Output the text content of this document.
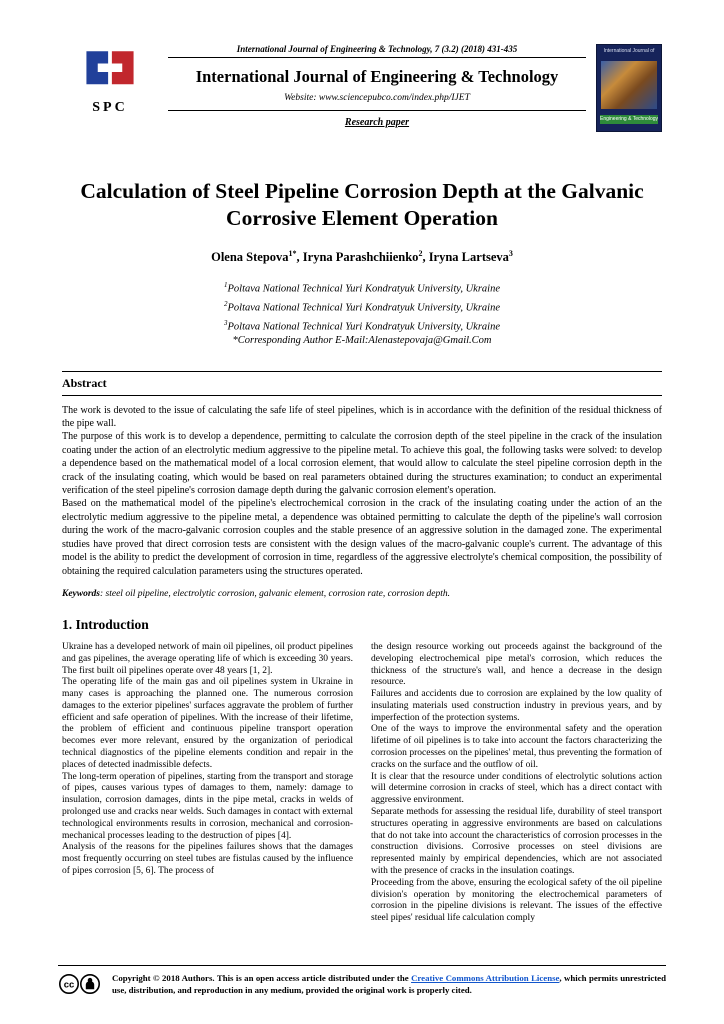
SPC
International Journal of Engineering & Technology, 7 (3.2) (2018) 431-435
International Journal of Engineering & Technology
Website: www.sciencepubco.com/index.php/IJET
Research paper
International Journal of
Engineering & Technology
Calculation of Steel Pipeline Corrosion Depth at the Galvanic Corrosive Element Operation
Olena Stepova$^{1*}$, Iryna Parashchiienko$^2$, Iryna Lartseva$^3$
$^1$Poltava National Technical Yuri Kondratyuk University, Ukraine
$^2$Poltava National Technical Yuri Kondratyuk University, Ukraine
$^3$Poltava National Technical Yuri Kondratyuk University, Ukraine
*Corresponding Author E-Mail:Alenastepovaja@Gmail.Com
Abstract

The work is devoted to the issue of calculating the safe life of steel pipelines, which is in accordance with the definition of the residual thickness of the pipe wall.

The purpose of this work is to develop a dependence, permitting to calculate the corrosion depth of the steel pipeline in the crack of the insulation coating under the action of an electrolytic medium aggressive to the pipeline metal. To achieve this goal, the following tasks were solved: to develop a dependence based on the mathematical model of a local corrosion element, that would allow to calculate the steel pipeline corrosion depth in the crack of the insulating coating, which would be based on real parameters obtained during the structures examination; to conduct an experimental verification of the steel pipeline's corrosion damage depth during the galvanic corrosion element's operation.

Based on the mathematical model of the pipeline's electrochemical corrosion in the crack of the insulating coating under the action of an the electrolytic medium aggressive to the pipeline metal, a dependence was obtained permitting to calculate the depth of the pipeline's wall corrosion during the work of the macro-galvanic corrosion couples and the stable presence of an aggressive solution in the damaged zone. The experimental studies have proved that direct corrosion tests are consistent with the design values of the macro-galvanic couple's current. The advantage of this model is the ability to predict the development of corrosion in time, regardless of the aggressive electrolyte's chemical composition, the possibility of obtaining the required calculation parameters using the structures operated.

Keywords: steel oil pipeline, electrolytic corrosion, galvanic element, corrosion rate, corrosion depth.

1. Introduction

Ukraine has a developed network of main oil pipelines, oil product pipelines and gas pipelines, the average operating life of which is exceeding 30 years. The first built oil pipelines operate over 48 years [1, 2].

The operating life of the main gas and oil pipelines system in Ukraine in many cases is approaching the planned one. The numerous corrosion damages to the exterior pipelines' surfaces aggravate the problem of further efficient and safe operation of pipelines. With the increase of their lifetime, the problem of efficient and continuous pipeline transport operation becomes ever more relevant, ensured by the organization of periodical technical diagnostics of the pipeline elements condition and repair in the places of detected inadmissible defects.

The long-term operation of pipelines, starting from the transport and storage of pipes, causes various types of damages to them, namely: damage to insulation, corrosion damages, dints in the pipe metal, cracks in welds of prolonged use and cracks near welds. Such damages in contact with external technological environments results in corrosion, mechanical and corrosion-mechanical processes leading to the destruction of pipes [4].

Analysis of the reasons for the pipelines failures shows that the damages most frequently occurring on steel tubes are fistulas caused by the influence of pipes corrosion [5, 6]. The process of

the design resource working out proceeds against the background of the developing electrochemical pipe metal's corrosion, which reduces the thickness of the structure's wall, and hence a decrease in the design resource.

Failures and accidents due to corrosion are explained by the low quality of insulating materials used construction industry in previous years, and by imperfection of the protection systems.

One of the ways to improve the environmental safety and the operation lifetime of oil pipelines is to take into account the factors characterizing the corrosion processes on the pipelines' metal, thus preventing the formation of cracks on the surface and the outflow of oil.

It is clear that the resource under conditions of electrolytic solutions action will determine corrosion in cracks of steel, which has a direct contact with aggressive environment.

Separate methods for assessing the residual life, durability of steel transport structures operating in aggressive environments are based on calculations that do not take into account the characteristics of corrosion processes in the construction divisions. Corrosive processes on steel divisions are represented mainly by empirical dependencies, which are not associated with the presence of cracks in the insulation coatings.

Proceeding from the above, ensuring the ecological safety of the oil pipeline division's operation by monitoring the electrochemical parameters of corrosion in the pipeline divisions is relevant. The issues of the effective steel pipes' residual life calculation comply

cc
Copyright © 2018 Authors. This is an open access article distributed under the Creative Commons Attribution License, which permits unrestricted use, distribution, and reproduction in any medium, provided the original work is properly cited.
